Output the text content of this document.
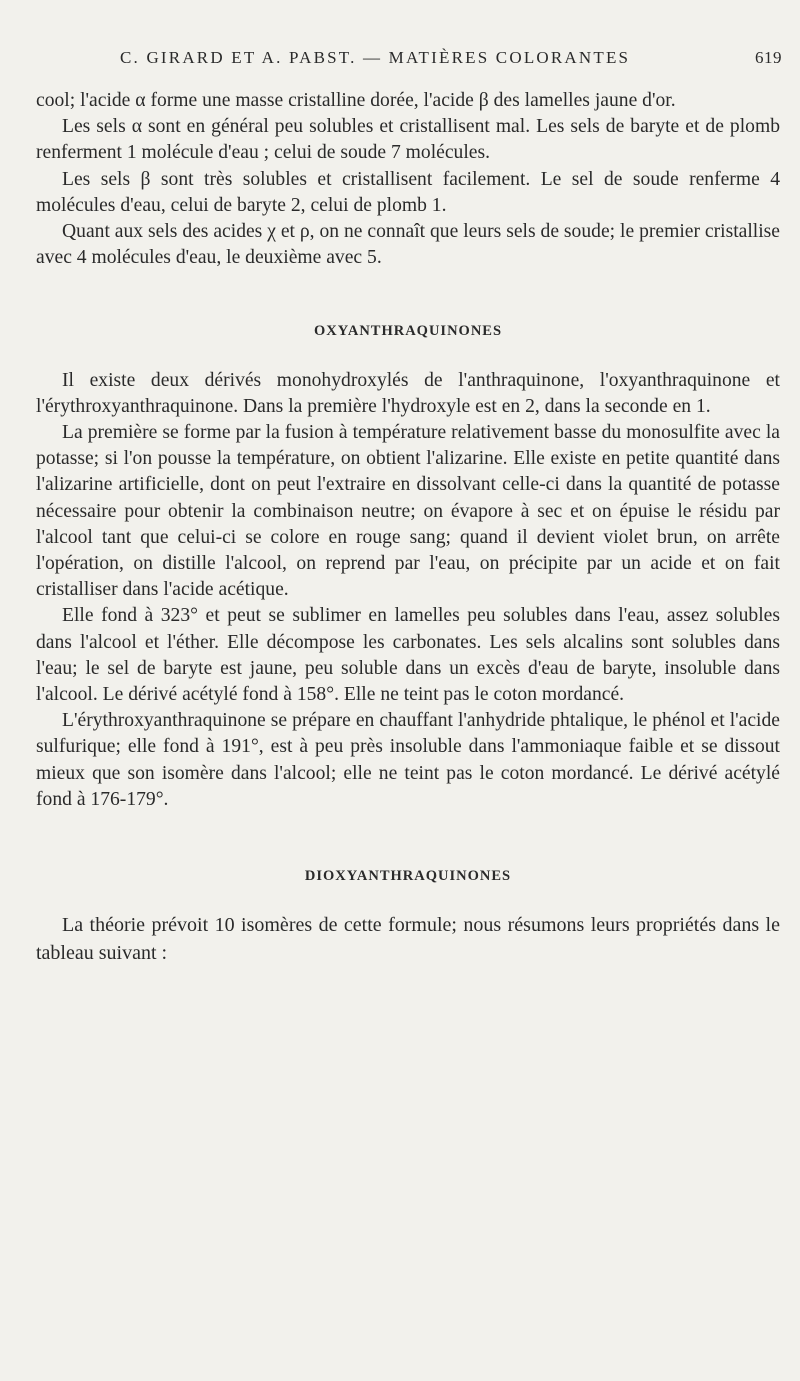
C. GIRARD ET A. PABST. — MATIÈRES COLORANTES	619

cool; l'acide α forme une masse cristalline dorée, l'acide β des lamelles jaune d'or.

Les sels α sont en général peu solubles et cristallisent mal. Les sels de baryte et de plomb renferment 1 molécule d'eau ; celui de soude 7 molécules.

Les sels β sont très solubles et cristallisent facilement. Le sel de soude renferme 4 molécules d'eau, celui de baryte 2, celui de plomb 1.

Quant aux sels des acides χ et ρ, on ne connaît que leurs sels de soude; le premier cristallise avec 4 molécules d'eau, le deuxième avec 5.

OXYANTHRAQUINONES

Il existe deux dérivés monohydroxylés de l'anthraquinone, l'oxyanthraquinone et l'érythroxyanthraquinone. Dans la première l'hydroxyle est en 2, dans la seconde en 1.

La première se forme par la fusion à température relativement basse du monosulfite avec la potasse; si l'on pousse la température, on obtient l'alizarine. Elle existe en petite quantité dans l'alizarine artificielle, dont on peut l'extraire en dissolvant celle-ci dans la quantité de potasse nécessaire pour obtenir la combinaison neutre; on évapore à sec et on épuise le résidu par l'alcool tant que celui-ci se colore en rouge sang; quand il devient violet brun, on arrête l'opération, on distille l'alcool, on reprend par l'eau, on précipite par un acide et on fait cristalliser dans l'acide acétique.

Elle fond à 323° et peut se sublimer en lamelles peu solubles dans l'eau, assez solubles dans l'alcool et l'éther. Elle décompose les carbonates. Les sels alcalins sont solubles dans l'eau; le sel de baryte est jaune, peu soluble dans un excès d'eau de baryte, insoluble dans l'alcool. Le dérivé acétylé fond à 158°. Elle ne teint pas le coton mordancé.

L'érythroxyanthraquinone se prépare en chauffant l'anhydride phtalique, le phénol et l'acide sulfurique; elle fond à 191°, est à peu près insoluble dans l'ammoniaque faible et se dissout mieux que son isomère dans l'alcool; elle ne teint pas le coton mordancé. Le dérivé acétylé fond à 176-179°.

DIOXYANTHRAQUINONES

La théorie prévoit 10 isomères de cette formule; nous résumons leurs propriétés dans le tableau suivant :
